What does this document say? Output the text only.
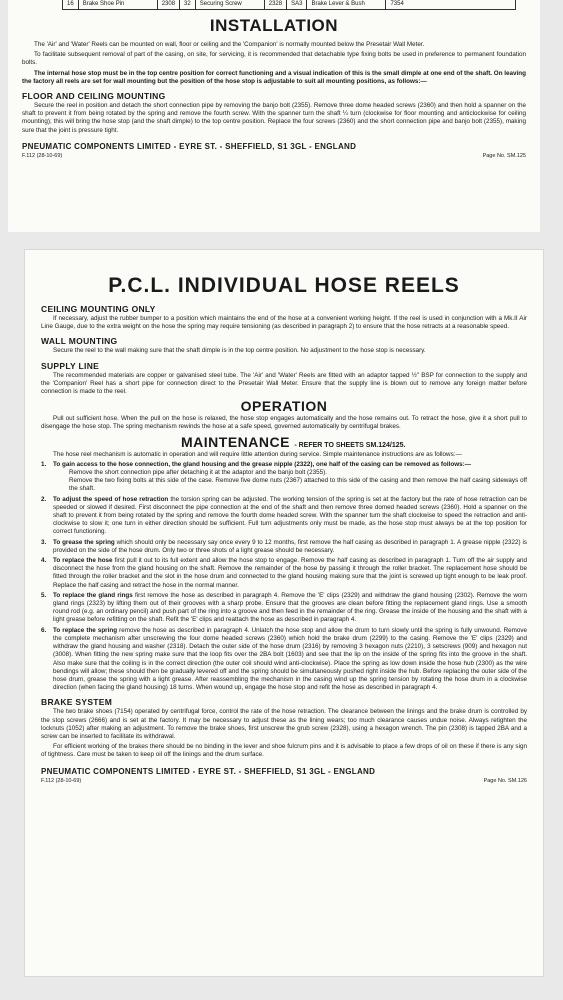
16	Brake Shoe Pin	2308	32	Securing Screw	2328	SA3	Brake Lever & Bush	7354
INSTALLATION

The 'Air' and 'Water' Reels can be mounted on wall, floor or ceiling and the 'Companion' is normally mounted below the Presetair Wall Meter.

To facilitate subsequent removal of part of the casing, on site, for servicing, it is recommended that detachable type fixing bolts be used in preference to permanent foundation bolts.

The internal hose stop must be in the top centre position for correct functioning and a visual indication of this is the small dimple at one end of the shaft. On leaving the factory all reels are set for wall mounting but the position of the hose stop is adjustable to suit all mounting positions, as follows:—

FLOOR AND CEILING MOUNTING

Secure the reel in position and detach the short connection pipe by removing the banjo bolt (2355). Remove three dome headed screws (2360) and then hold a spanner on the shaft to prevent it from being rotated by the spring and remove the fourth screw. With the spanner turn the shaft ¼ turn (clockwise for floor mounting and anticlockwise for ceiling mounting); this will bring the hose stop (and the shaft dimple) to the top centre position. Replace the four screws (2360) and the short connection pipe and banjo bolt (2355), making sure that the joint is pressure tight.

PNEUMATIC COMPONENTS LIMITED - EYRE ST. - SHEFFIELD, S1 3GL - ENGLAND
F.112 (28-10-69)	Page No. SM.125
P.C.L. INDIVIDUAL HOSE REELS
CEILING MOUNTING ONLY

If necessary, adjust the rubber bumper to a position which maintains the end of the hose at a convenient working height. If the reel is used in conjunction with a Mk.II Air Line Gauge, due to the extra weight on the hose the spring may require tensioning (as described in paragraph 2) to ensure that the hose retracts at a reasonable speed.

WALL MOUNTING

Secure the reel to the wall making sure that the shaft dimple is in the top centre position. No adjustment to the hose stop is necessary.

SUPPLY LINE

The recommended materials are copper or galvanised steel tube. The 'Air' and 'Water' Reels are fitted with an adaptor tapped ½" BSP for connection to the supply and the 'Companion' Reel has a short pipe for connection direct to the Presetair Wall Meter. Ensure that the supply line is blown out to remove any foreign matter before connection is made to the reel.

OPERATION

Pull out sufficient hose. When the pull on the hose is relaxed, the hose stop engages automatically and the hose remains out. To retract the hose, give it a short pull to disengage the hose stop. The spring mechanism rewinds the hose at a safe speed, governed automatically by centrifugal brakes.

MAINTENANCE - REFER TO SHEETS SM.124/125.

The hose reel mechanism is automatic in operation and will require little attention during service. Simple maintenance instructions are as follows:—

1.	To gain access to the hose connection, the gland housing and the grease nipple (2322), one half of the casing can be removed as follows:—
Remove the short connection pipe after detaching it at the adaptor and the banjo bolt (2355).
Remove the two fixing bolts at this side of the case. Remove five dome nuts (2367) attached to this side of the casing and then remove the half casing sideways off the shaft.
2.	To adjust the speed of hose retraction the torsion spring can be adjusted. The working tension of the spring is set at the factory but the rate of hose retraction can be speeded or slowed if desired. First disconnect the pipe connection at the end of the shaft and then remove three domed headed screws (2360). Hold a spanner on the shaft to prevent it from being rotated by the spring and remove the fourth dome headed screw. With the spanner turn the shaft clockwise to speed the retraction and anti-clockwise to slow it; one turn in either direction should be sufficient. Full turn adjustments only must be made, as the hose stop must always be at the top position for correct functioning.
3.	To grease the spring which should only be necessary say once every 9 to 12 months, first remove the half casing as described in paragraph 1. A grease nipple (2322) is provided on the side of the hose drum. Only two or three shots of a light grease should be necessary.
4.	To replace the hose first pull it out to its full extent and allow the hose stop to engage. Remove the half casing as described in paragraph 1. Turn off the air supply and disconnect the hose from the gland housing on the shaft. Remove the remainder of the hose by passing it through the roller bracket. The replacement hose should be fitted through the roller bracket and the slot in the hose drum and connected to the gland housing making sure that the joint is screwed up tight enough to be leak proof. Replace the half casing and retract the hose in the normal manner.
5.	To replace the gland rings first remove the hose as described in paragraph 4. Remove the 'E' clips (2329) and withdraw the gland housing (2302). Remove the worn gland rings (2323) by lifting them out of their grooves with a sharp probe. Ensure that the grooves are clean before fitting the replacement gland rings. Use a smooth round rod (e.g. an ordinary pencil) and push part of the ring into a groove and then feed in the remainder of the ring. Grease the inside of the housing and the shaft with a light grease before refitting on the shaft. Refit the 'E' clips and reattach the hose as described in paragraph 4.
6.	To replace the spring remove the hose as described in paragraph 4. Unlatch the hose stop and allow the drum to turn slowly until the spring is fully unwound. Remove the complete mechanism after unscrewing the four dome headed screws (2360) which hold the brake drum (2299) to the casing. Remove the 'E' clips (2329) and withdraw the gland housing and washer (2318). Detach the outer side of the hose drum (2316) by removing 3 hexagon nuts (2210), 3 setscrews (909) and hexagon nut (3008). When fitting the new spring make sure that the loop fits over the 2BA bolt (1603) and see that the lip on the inside of the spring fits into the groove in the shaft. Also make sure that the coiling is in the correct direction (the outer coil should wind anti-clockwise). Place the spring as low down inside the hose hub (2300) as the wire bendings will allow; these should then be gradually levered off and the spring should be simultaneously pushed right inside the hub. Before replacing the outer side of the hose drum, grease the spring with a light grease. After reassembling the mechanism in the casing wind up the spring tension by rotating the hose drum in a clockwise direction (when facing the gland housing) 18 turns. When wound up, engage the hose stop and refit the hose as described in paragraph 4.
BRAKE SYSTEM

The two brake shoes (7154) operated by centrifugal force, control the rate of the hose retraction. The clearance between the linings and the brake drum is controlled by the stop screws (2666) and is set at the factory. It may be necessary to adjust these as the lining wears; too much clearance causes undue noise. Always retighten the locknuts (1052) after making an adjustment. To remove the brake shoes, first unscrew the grub screw (2328), using a hexagon wrench. The pin (2308) is tapped 2BA and a screw can be inserted to facilitate its withdrawal.

For efficient working of the brakes there should be no binding in the lever and shoe fulcrum pins and it is advisable to place a few drops of oil on these if there is any sign of tightness. Care must be taken to keep oil off the linings and the drum surface.

PNEUMATIC COMPONENTS LIMITED - EYRE ST. - SHEFFIELD, S1 3GL - ENGLAND
F.112 (28-10-69)	Page No. SM.126
